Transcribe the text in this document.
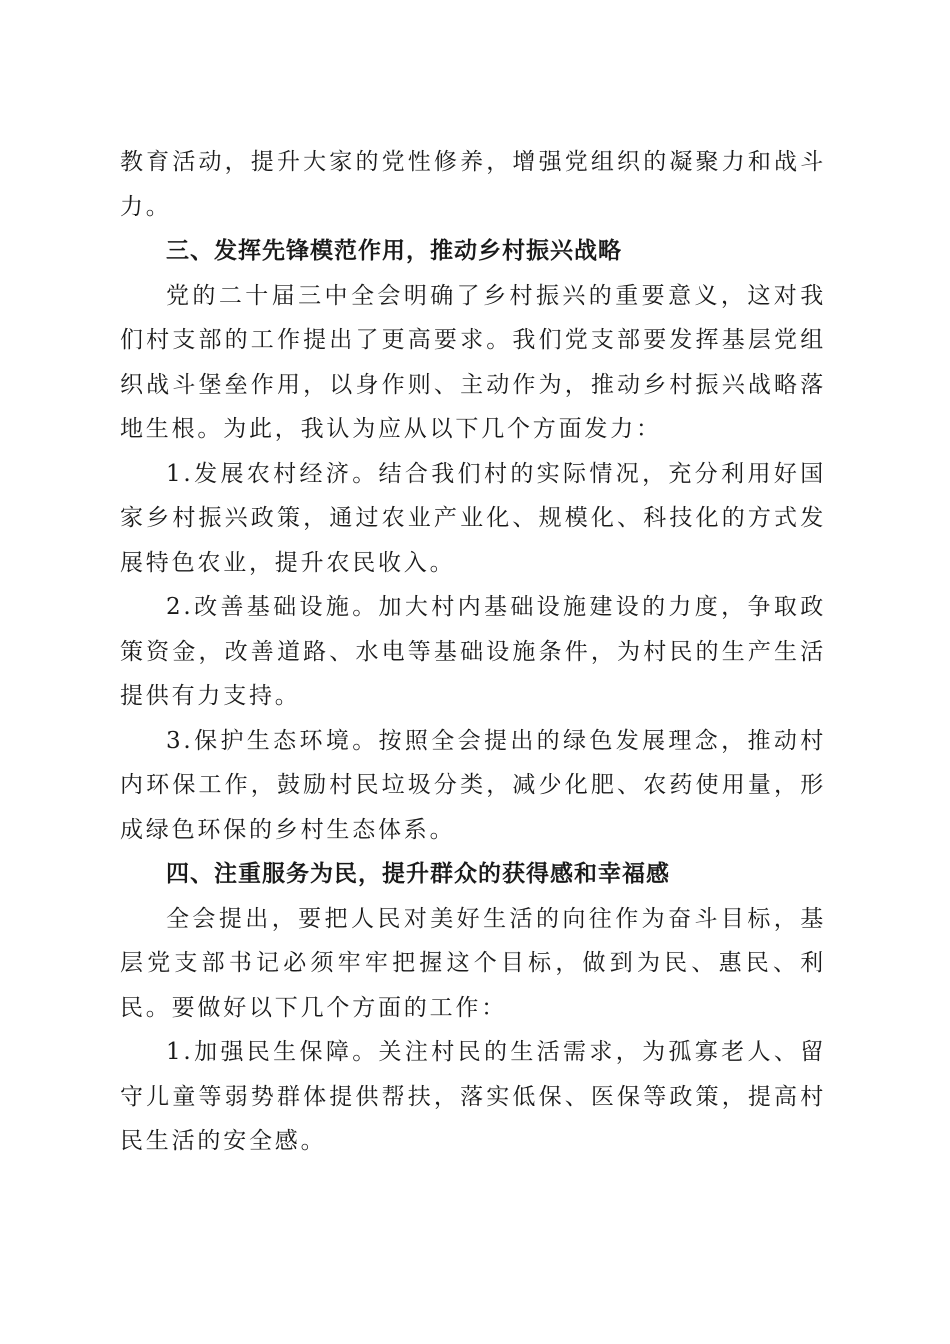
教育活动，提升大家的党性修养，增强党组织的凝聚力和战斗力。

三、发挥先锋模范作用，推动乡村振兴战略

党的二十届三中全会明确了乡村振兴的重要意义，这对我们村支部的工作提出了更高要求。我们党支部要发挥基层党组织战斗堡垒作用，以身作则、主动作为，推动乡村振兴战略落地生根。为此，我认为应从以下几个方面发力：

1.发展农村经济。结合我们村的实际情况，充分利用好国家乡村振兴政策，通过农业产业化、规模化、科技化的方式发展特色农业，提升农民收入。

2.改善基础设施。加大村内基础设施建设的力度，争取政策资金，改善道路、水电等基础设施条件，为村民的生产生活提供有力支持。

3.保护生态环境。按照全会提出的绿色发展理念，推动村内环保工作，鼓励村民垃圾分类，减少化肥、农药使用量，形成绿色环保的乡村生态体系。

四、注重服务为民，提升群众的获得感和幸福感

全会提出，要把人民对美好生活的向往作为奋斗目标，基层党支部书记必须牢牢把握这个目标，做到为民、惠民、利民。要做好以下几个方面的工作：

1.加强民生保障。关注村民的生活需求，为孤寡老人、留守儿童等弱势群体提供帮扶，落实低保、医保等政策，提高村民生活的安全感。
